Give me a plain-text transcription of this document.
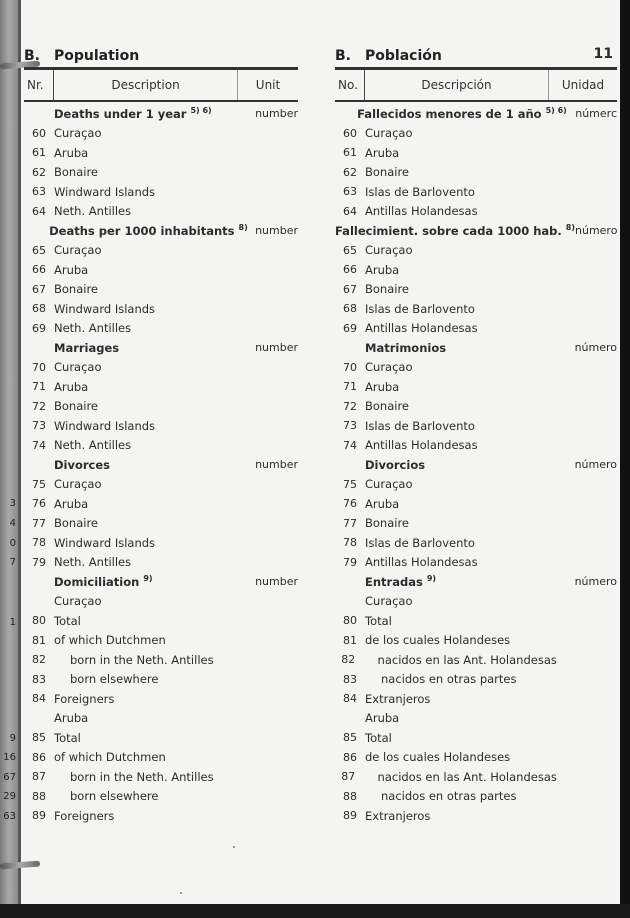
3
4
0
7
1
9
16
67
29
63
B. Population
Nr.	Description	Unit
Deaths under 1 year $^{5) 6)}$	number
60 Curaçao
61 Aruba
62 Bonaire
63 Windward Islands
64 Neth. Antilles
Deaths per 1000 inhabitants $^{8)}$ number
65 Curaçao
66 Aruba
67 Bonaire
68 Windward Islands
69 Neth. Antilles
Marriages	number
70 Curaçao
71 Aruba
72 Bonaire
73 Windward Islands
74 Neth. Antilles
Divorces	number
75 Curaçao
76 Aruba
77 Bonaire
78 Windward Islands
79 Neth. Antilles
Domiciliation $^{9)}$	number
Curaçao
80 Total
81 of which Dutchmen
82	born in the Neth. Antilles
83	born elsewhere
84 Foreigners
Aruba
85 Total
86 of which Dutchmen
87	born in the Neth. Antilles
88	born elsewhere
89 Foreigners
B. Población	11
No.	Descripción	Unidad
Fallecidos menores de 1 año $^{5) 6)}$ númerc
60 Curaçao
61 Aruba
62 Bonaire
63 Islas de Barlovento
64 Antillas Holandesas
Fallecimient. sobre cada 1000 hab. $^{8)}$ número
65 Curaçao
66 Aruba
67 Bonaire
68 Islas de Barlovento
69 Antillas Holandesas
Matrimonios	número
70 Curaçao
71 Aruba
72 Bonaire
73 Islas de Barlovento
74 Antillas Holandesas
Divorcios	número
75 Curaçao
76 Aruba
77 Bonaire
78 Islas de Barlovento
79 Antillas Holandesas
Entradas $^{9)}$	número
Curaçao
80 Total
81 de los cuales Holandeses
82	nacidos en las Ant. Holandesas
83	nacidos en otras partes
84 Extranjeros
Aruba
85 Total
86 de los cuales Holandeses
87	nacidos en las Ant. Holandesas
88	nacidos en otras partes
89 Extranjeros
